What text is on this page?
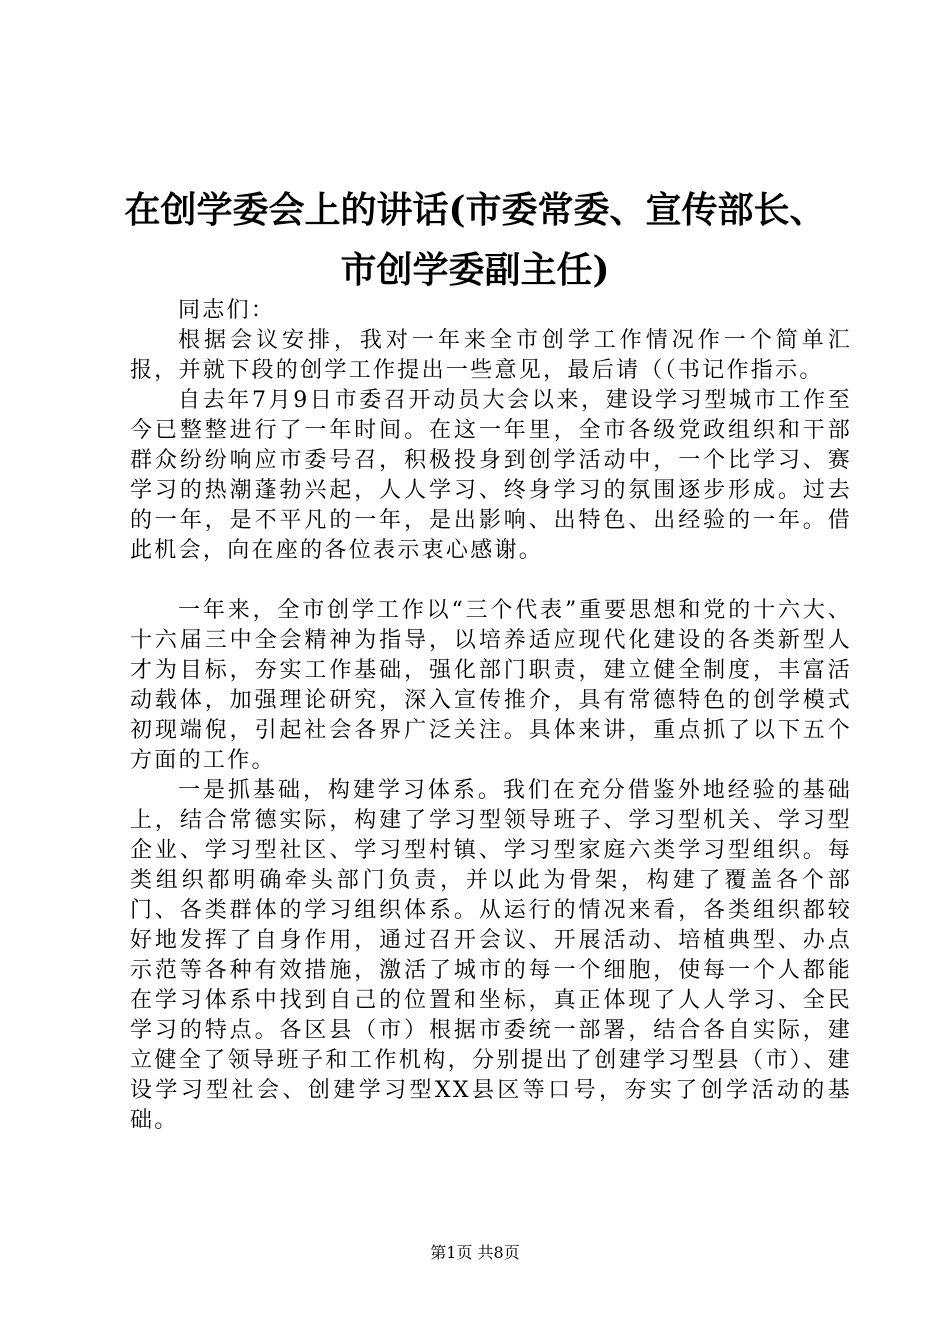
在创学委会上的讲话(市委常委、宣传部长、
市创学委副主任)

同志们：

根据会议安排，我对一年来全市创学工作情况作一个简单汇报，并就下段的创学工作提出一些意见，最后请（（书记作指示。

自去年7月9日市委召开动员大会以来，建设学习型城市工作至今已整整进行了一年时间。在这一年里，全市各级党政组织和干部群众纷纷响应市委号召，积极投身到创学活动中，一个比学习、赛学习的热潮蓬勃兴起，人人学习、终身学习的氛围逐步形成。过去的一年，是不平凡的一年，是出影响、出特色、出经验的一年。借此机会，向在座的各位表示衷心感谢。

一年来，全市创学工作以“三个代表”重要思想和党的十六大、十六届三中全会精神为指导，以培养适应现代化建设的各类新型人才为目标，夯实工作基础，强化部门职责，建立健全制度，丰富活动载体，加强理论研究，深入宣传推介，具有常德特色的创学模式初现端倪，引起社会各界广泛关注。具体来讲，重点抓了以下五个方面的工作。

一是抓基础，构建学习体系。我们在充分借鉴外地经验的基础上，结合常德实际，构建了学习型领导班子、学习型机关、学习型企业、学习型社区、学习型村镇、学习型家庭六类学习型组织。每类组织都明确牵头部门负责，并以此为骨架，构建了覆盖各个部门、各类群体的学习组织体系。从运行的情况来看，各类组织都较好地发挥了自身作用，通过召开会议、开展活动、培植典型、办点示范等各种有效措施，激活了城市的每一个细胞，使每一个人都能在学习体系中找到自己的位置和坐标，真正体现了人人学习、全民学习的特点。各区县（市）根据市委统一部署，结合各自实际，建立健全了领导班子和工作机构，分别提出了创建学习型县（市）、建设学习型社会、创建学习型XX县区等口号，夯实了创学活动的基础。

第1页 共8页
